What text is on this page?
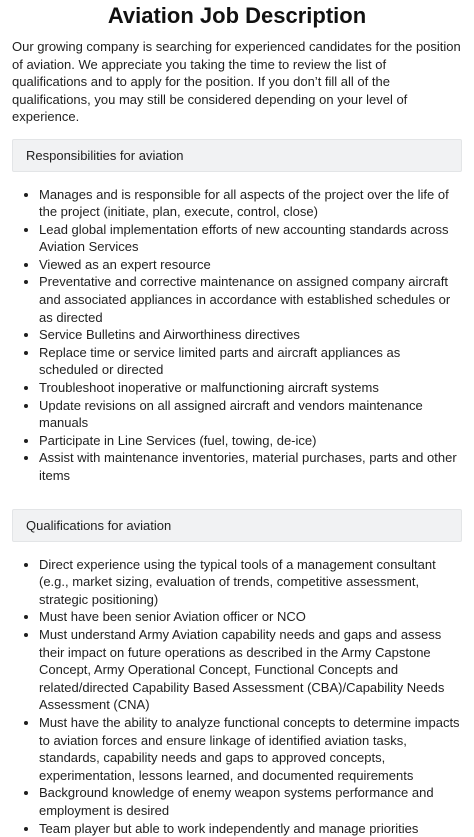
Aviation Job Description

Our growing company is searching for experienced candidates for the position of aviation. We appreciate you taking the time to review the list of qualifications and to apply for the position. If you don’t fill all of the qualifications, you may still be considered depending on your level of experience.

Responsibilities for aviation
• Manages and is responsible for all aspects of the project over the life of the project (initiate, plan, execute, control, close)
• Lead global implementation efforts of new accounting standards across Aviation Services
• Viewed as an expert resource
• Preventative and corrective maintenance on assigned company aircraft and associated appliances in accordance with established schedules or as directed
• Service Bulletins and Airworthiness directives
• Replace time or service limited parts and aircraft appliances as scheduled or directed
• Troubleshoot inoperative or malfunctioning aircraft systems
• Update revisions on all assigned aircraft and vendors maintenance manuals
• Participate in Line Services (fuel, towing, de-ice)
• Assist with maintenance inventories, material purchases, parts and other items
Qualifications for aviation
• Direct experience using the typical tools of a management consultant (e.g., market sizing, evaluation of trends, competitive assessment, strategic positioning)
• Must have been senior Aviation officer or NCO
• Must understand Army Aviation capability needs and gaps and assess their impact on future operations as described in the Army Capstone Concept, Army Operational Concept, Functional Concepts and related/directed Capability Based Assessment (CBA)/Capability Needs Assessment (CNA)
• Must have the ability to analyze functional concepts to determine impacts to aviation forces and ensure linkage of identified aviation tasks, standards, capability needs and gaps to approved concepts, experimentation, lessons learned, and documented requirements
• Background knowledge of enemy weapon systems performance and employment is desired
• Team player but able to work independently and manage priorities
